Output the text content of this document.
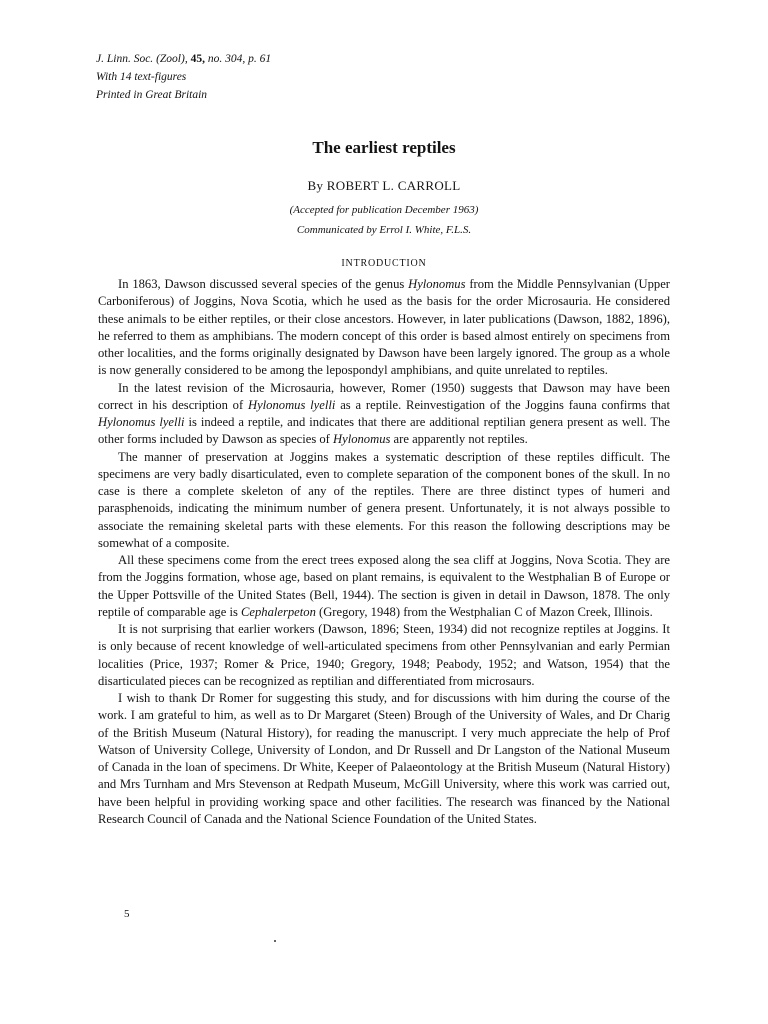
J. Linn. Soc. (Zool), 45, no. 304, p. 61
With 14 text-figures
Printed in Great Britain
The earliest reptiles
By ROBERT L. CARROLL
(Accepted for publication December 1963)
Communicated by Errol I. White, F.L.S.
INTRODUCTION

In 1863, Dawson discussed several species of the genus Hylonomus from the Middle Pennsylvanian (Upper Carboniferous) of Joggins, Nova Scotia, which he used as the basis for the order Microsauria. He considered these animals to be either reptiles, or their close ancestors. However, in later publications (Dawson, 1882, 1896), he referred to them as amphibians. The modern concept of this order is based almost entirely on specimens from other localities, and the forms originally designated by Dawson have been largely ignored. The group as a whole is now generally considered to be among the lepospondyl amphibians, and quite unrelated to reptiles.

In the latest revision of the Microsauria, however, Romer (1950) suggests that Dawson may have been correct in his description of Hylonomus lyelli as a reptile. Reinvestigation of the Joggins fauna confirms that Hylonomus lyelli is indeed a reptile, and indicates that there are additional reptilian genera present as well. The other forms included by Dawson as species of Hylonomus are apparently not reptiles.

The manner of preservation at Joggins makes a systematic description of these reptiles difficult. The specimens are very badly disarticulated, even to complete separation of the component bones of the skull. In no case is there a complete skeleton of any of the reptiles. There are three distinct types of humeri and parasphenoids, indicating the minimum number of genera present. Unfortunately, it is not always possible to associate the remaining skeletal parts with these elements. For this reason the following descriptions may be somewhat of a composite.

All these specimens come from the erect trees exposed along the sea cliff at Joggins, Nova Scotia. They are from the Joggins formation, whose age, based on plant remains, is equivalent to the Westphalian B of Europe or the Upper Pottsville of the United States (Bell, 1944). The section is given in detail in Dawson, 1878. The only reptile of comparable age is Cephalerpeton (Gregory, 1948) from the Westphalian C of Mazon Creek, Illinois.

It is not surprising that earlier workers (Dawson, 1896; Steen, 1934) did not recognize reptiles at Joggins. It is only because of recent knowledge of well-articulated specimens from other Pennsylvanian and early Permian localities (Price, 1937; Romer & Price, 1940; Gregory, 1948; Peabody, 1952; and Watson, 1954) that the disarticulated pieces can be recognized as reptilian and differentiated from microsaurs.

I wish to thank Dr Romer for suggesting this study, and for discussions with him during the course of the work. I am grateful to him, as well as to Dr Margaret (Steen) Brough of the University of Wales, and Dr Charig of the British Museum (Natural History), for reading the manuscript. I very much appreciate the help of Prof Watson of University College, University of London, and Dr Russell and Dr Langston of the National Museum of Canada in the loan of specimens. Dr White, Keeper of Palaeontology at the British Museum (Natural History) and Mrs Turnham and Mrs Stevenson at Redpath Museum, McGill University, where this work was carried out, have been helpful in providing working space and other facilities. The research was financed by the National Research Council of Canada and the National Science Foundation of the United States.

5
